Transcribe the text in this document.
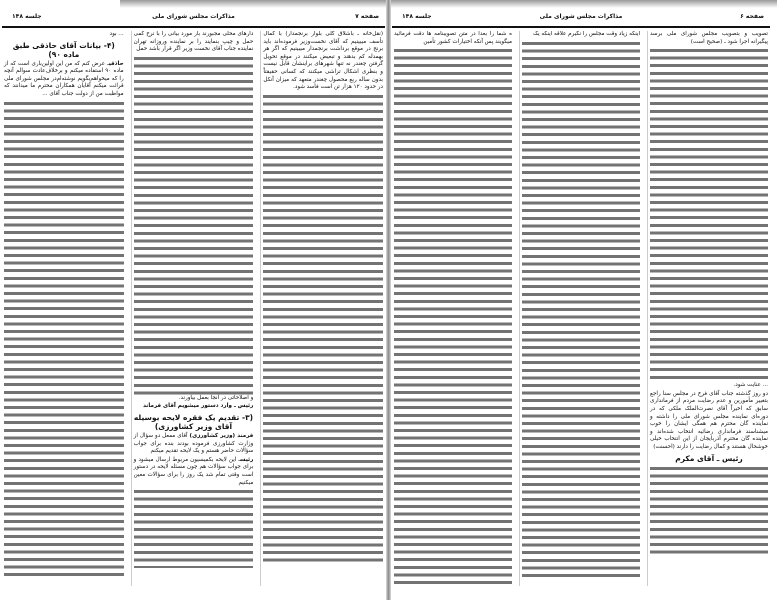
صفحه ۷
مذاکرات مجلس شورای ملی
جلسه ۱۴۸

(نقل‌خانه ـ باشلاق گلی بلوار برنجمدار) با کمال تأسف میبینیم که آقای نخست‌وزیر فرموده‌اند باید برنج در موقع برداشت برنجمدار میبینیم که اگر هر بهمدله کم بدهند و تبعیض میکنند در موقع تحویل گرفتن چغندر نه تنها شهرهای براینشان قابل نیست و بنظری اشکال تراشی میکنند که کسانی حقیقتاً بدون ساله ربع محصول چغندر متعهد که میزان آنکل در حدود ۱۲۰ هزار تن است فاسد شود.

دارهای محلی مجبورند بار مورد بیانی را با نرخ کمی حمل و چیپ بنمایند را بر نماینده وروزانه تهران نماینده جناب آقای نخست وزیر اگر قرار باشد حمل

و اصلاحاتی در آنجا بعمل بیاورند.

رئیس ـ وارد دستور میشویم آقای فرماند

(۳- تقدیم یک فقره لایحه بوسیله آقای وزیر کشاورزی)

فرمند (وزیر کشاورزی) آقای ممعل دو سؤال از وزارت کشاورزی فرموده بودند بنده برای جواب سؤالات حاضر هستم و یک لایحه تقدیم میکنم

رئیسـ این لایحه بکمیسیون مربوط ارسال میشود و برای جواب سؤالات هم چون مسئله لایحه در دستور است وقتی تمام شد یک روز را برای سؤالات معین میکنیم

... بود

(۴- بیانات آقای حاذقی طبق ماده ۹۰)

حاذقیـ عرض کنم که من این اولین‌باری است که از ماده ۹۰ استفاده میکنم و برخلاف‌عادت سوالم آنچه را که میخواهم‌بگویم نوشته‌ام‌در مجلس شورای ملی قرائت میکنم آقایان همکاران محترم ما میدانند که مواظبت من از دولت جناب آقای ...

صفحه ۶
مذاکرات مجلس شورای ملی
جلسه ۱۴۸

تصویب و بتصویب مجلس شورای ملی برسد پیگیرانه اجرا شود ـ (صحیح است)

... عنایت شود.

دو روز گذشته جناب آقای فرخ در مجلس سنا راجع بتغییر مأمورین و عدم رضایت مردم از فرمانداری سابق که اخیراً آقای نصرت‌الملک ملکی که در دوره‌ای نماینده مجلس شورای ملی را داشته و نماینده گان محترم هم همگی ایشان را خوب میشناسند فرمانداری رضائیه انتخاب شده‌اند و نماینده گان محترم آذربایجان از این انتخاب خیلی خوشحال هستند و کمال رضایت را دارند (احسنت)

رئیس ـ آقای مکرم

اینکه زیاد وقت مجلس را نگیرم علاقه اینکه یک

ه شما را بعداً در متن تصویبنامه ها دقت فرمائید میگویند پس آنکه اختیارات کشور تأمین
